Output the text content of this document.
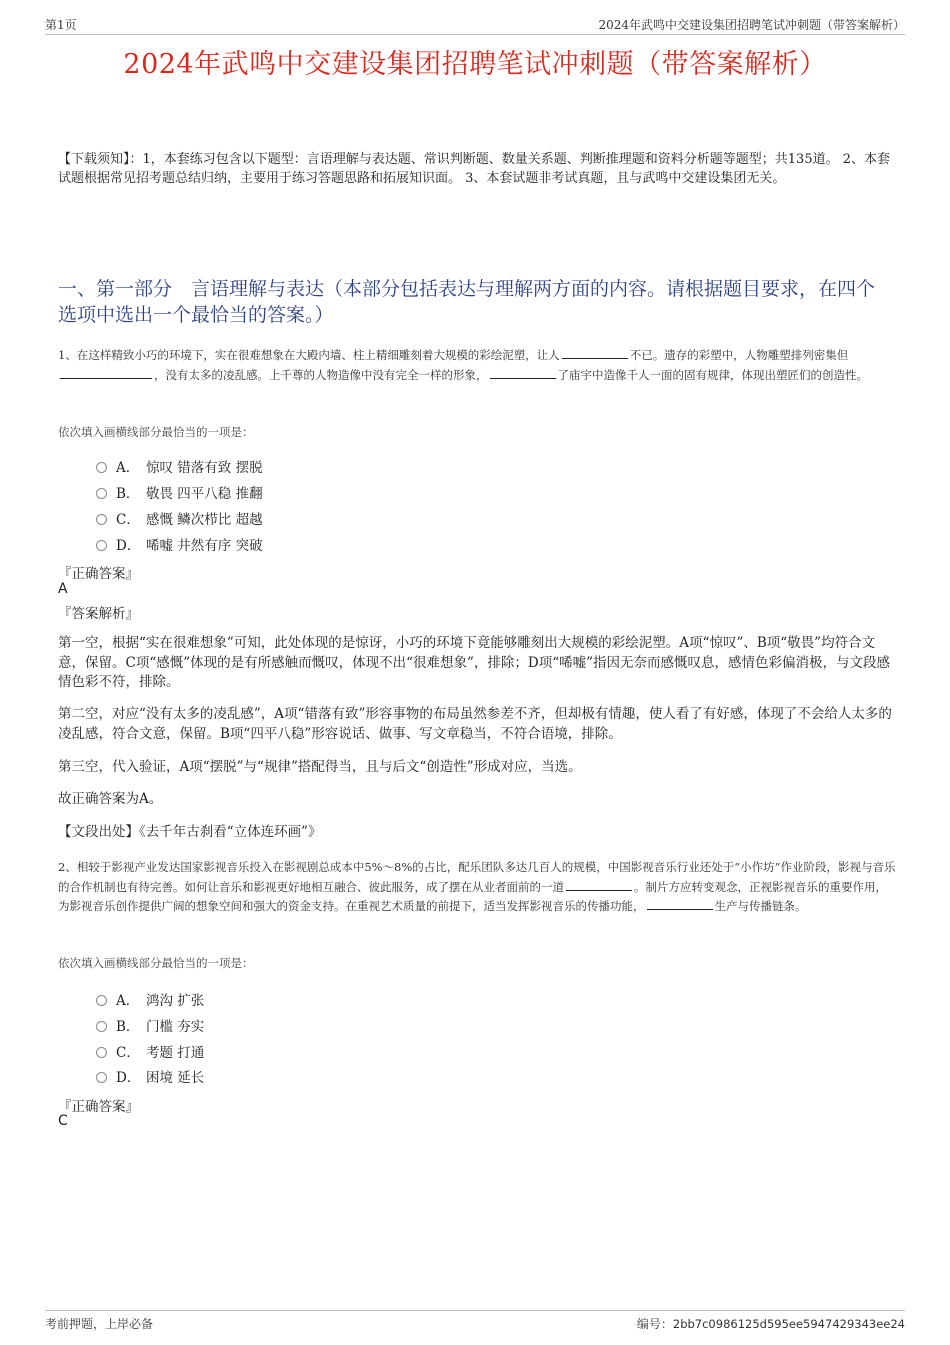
第1页	2024年武鸣中交建设集团招聘笔试冲刺题（带答案解析）
2024年武鸣中交建设集团招聘笔试冲刺题（带答案解析）
【下载须知】：1，本套练习包含以下题型：言语理解与表达题、常识判断题、数量关系题、判断推理题和资料分析题等题型；共135道。 2、本套试题根据常见招考题总结归纳，主要用于练习答题思路和拓展知识面。 3、本套试题非考试真题，且与武鸣中交建设集团无关。
一、第一部分　言语理解与表达（本部分包括表达与理解两方面的内容。请根据题目要求，在四个选项中选出一个最恰当的答案。）
1、在这样精致小巧的环境下，实在很难想象在大殿内墙、柱上精细雕刻着大规模的彩绘泥塑，让人	不已。遗存的彩塑中，人物雕塑排列密集但，没有太多的凌乱感。上千尊的人物造像中没有完全一样的形象，	了庙宇中造像千人一面的固有规律，体现出塑匠们的创造性。
依次填入画横线部分最恰当的一项是：
A． 惊叹 错落有致 摆脱
B． 敬畏 四平八稳 推翻
C． 感慨 鳞次栉比 超越
D． 唏嘘 井然有序 突破
『正确答案』
A
『答案解析』
第一空，根据“实在很难想象”可知，此处体现的是惊讶，小巧的环境下竟能够雕刻出大规模的彩绘泥塑。A项“惊叹”、B项“敬畏”均符合文意，保留。C项“感慨”体现的是有所感触而慨叹，体现不出“很难想象”，排除；D项“唏嘘”指因无奈而感慨叹息，感情色彩偏消极，与文段感情色彩不符，排除。
第二空，对应“没有太多的凌乱感”，A项“错落有致”形容事物的布局虽然参差不齐，但却极有情趣，使人看了有好感，体现了不会给人太多的凌乱感，符合文意，保留。B项“四平八稳”形容说话、做事、写文章稳当，不符合语境，排除。
第三空，代入验证，A项“摆脱”与“规律”搭配得当，且与后文“创造性”形成对应，当选。
故正确答案为A。
【文段出处】《去千年古刹看“立体连环画”》
2、相较于影视产业发达国家影视音乐投入在影视剧总成本中5%～8%的占比，配乐团队多达几百人的规模，中国影视音乐行业还处于“小作坊”作业阶段，影视与音乐的合作机制也有待完善。如何让音乐和影视更好地相互融合、彼此服务，成了摆在从业者面前的一道	。制片方应转变观念，正视影视音乐的重要作用，为影视音乐创作提供广阔的想象空间和强大的资金支持。在重视艺术质量的前提下，适当发挥影视音乐的传播功能，	生产与传播链条。
依次填入画横线部分最恰当的一项是：
A． 鸿沟 扩张
B． 门槛 夯实
C． 考题 打通
D． 困境 延长
『正确答案』
C
考前押题，上岸必备	编号：2bb7c0986125d595ee5947429343ee24
